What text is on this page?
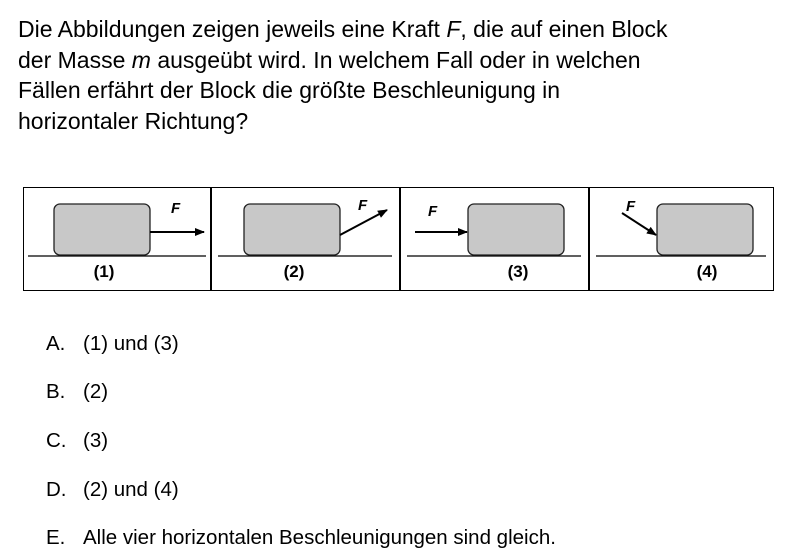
Die Abbildungen zeigen jeweils eine Kraft F, die auf einen Block
der Masse m ausgeübt wird. In welchem Fall oder in welchen
Fällen erfährt der Block die größte Beschleunigung in
horizontaler Richtung?
F
(1)
F
(2)
F
(3)
F
(4)
A. (1) und (3)
B. (2)
C. (3)
D. (2) und (4)
E. Alle vier horizontalen Beschleunigungen sind gleich.
